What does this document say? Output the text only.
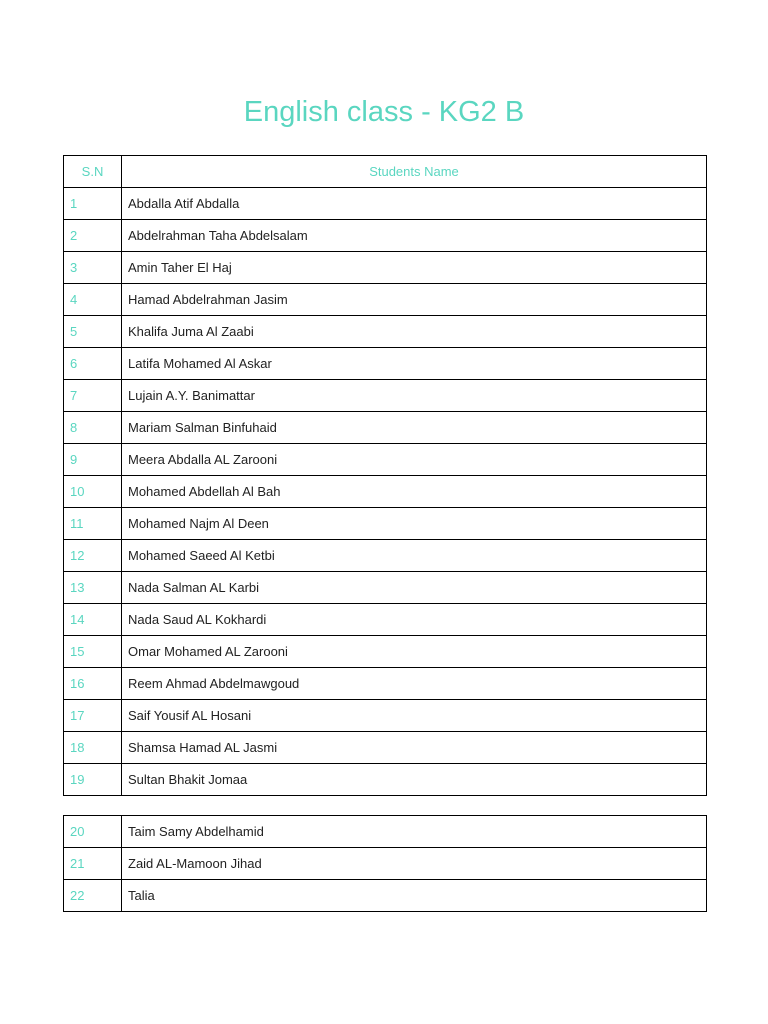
English class - KG2 B
S.N	Students Name
1	Abdalla Atif Abdalla
2	Abdelrahman Taha Abdelsalam
3	Amin Taher El Haj
4	Hamad Abdelrahman Jasim
5	Khalifa Juma Al Zaabi
6	Latifa Mohamed Al Askar
7	Lujain A.Y. Banimattar
8	Mariam Salman Binfuhaid
9	Meera Abdalla AL Zarooni
10	Mohamed Abdellah Al Bah
11	Mohamed Najm Al Deen
12	Mohamed Saeed Al Ketbi
13	Nada Salman AL Karbi
14	Nada Saud AL Kokhardi
15	Omar Mohamed AL Zarooni
16	Reem Ahmad Abdelmawgoud
17	Saif Yousif AL Hosani
18	Shamsa Hamad AL Jasmi
19	Sultan Bhakit Jomaa
20	Taim Samy Abdelhamid
21	Zaid AL-Mamoon Jihad
22	Talia
